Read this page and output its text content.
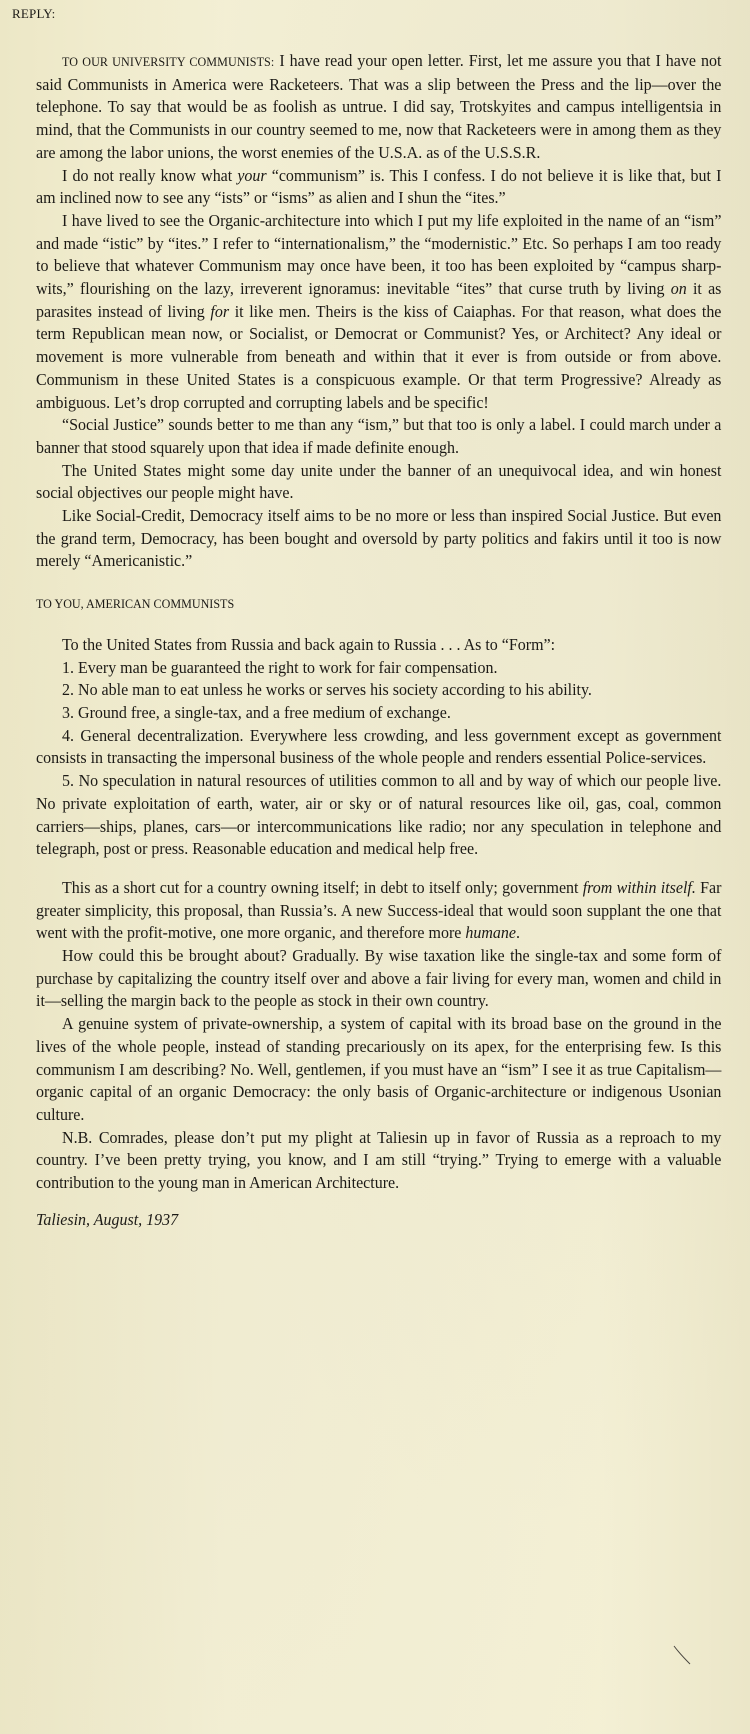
REPLY:

TO OUR UNIVERSITY COMMUNISTS: I have read your open letter. First, let me assure you that I have not said Communists in America were Racketeers. That was a slip between the Press and the lip—over the telephone. To say that would be as foolish as untrue. I did say, Trotskyites and campus intelligentsia in mind, that the Communists in our country seemed to me, now that Racketeers were in among them as they are among the labor unions, the worst enemies of the U.S.A. as of the U.S.S.R.

I do not really know what your “communism” is. This I confess. I do not believe it is like that, but I am inclined now to see any “ists” or “isms” as alien and I shun the “ites.”

I have lived to see the Organic-architecture into which I put my life exploited in the name of an “ism” and made “istic” by “ites.” I refer to “internationalism,” the “modernistic.” Etc. So perhaps I am too ready to believe that whatever Communism may once have been, it too has been exploited by “campus sharp-wits,” flourishing on the lazy, irreverent ignoramus: inevitable “ites” that curse truth by living on it as parasites instead of living for it like men. Theirs is the kiss of Caiaphas. For that reason, what does the term Republican mean now, or Socialist, or Democrat or Communist? Yes, or Architect? Any ideal or movement is more vulnerable from beneath and within that it ever is from outside or from above. Communism in these United States is a conspicuous example. Or that term Progressive? Already as ambiguous. Let’s drop corrupted and corrupting labels and be specific!

“Social Justice” sounds better to me than any “ism,” but that too is only a label. I could march under a banner that stood squarely upon that idea if made definite enough.

The United States might some day unite under the banner of an unequivocal idea, and win honest social objectives our people might have.

Like Social-Credit, Democracy itself aims to be no more or less than inspired Social Justice. But even the grand term, Democracy, has been bought and oversold by party politics and fakirs until it too is now merely “Americanistic.”

TO YOU, AMERICAN COMMUNISTS

To the United States from Russia and back again to Russia . . . As to “Form”:

1. Every man be guaranteed the right to work for fair compensation.

2. No able man to eat unless he works or serves his society according to his ability.

3. Ground free, a single-tax, and a free medium of exchange.

4. General decentralization. Everywhere less crowding, and less government except as government consists in transacting the impersonal business of the whole people and renders essential Police-services.

5. No speculation in natural resources of utilities common to all and by way of which our people live. No private exploitation of earth, water, air or sky or of natural resources like oil, gas, coal, common carriers—ships, planes, cars—or intercommunications like radio; nor any speculation in telephone and telegraph, post or press. Reasonable education and medical help free.

This as a short cut for a country owning itself; in debt to itself only; government from within itself. Far greater simplicity, this proposal, than Russia’s. A new Success-ideal that would soon supplant the one that went with the profit-motive, one more organic, and therefore more humane.

How could this be brought about? Gradually. By wise taxation like the single-tax and some form of purchase by capitalizing the country itself over and above a fair living for every man, women and child in it—selling the margin back to the people as stock in their own country.

A genuine system of private-ownership, a system of capital with its broad base on the ground in the lives of the whole people, instead of standing precariously on its apex, for the enterprising few. Is this communism I am describing? No. Well, gentlemen, if you must have an “ism” I see it as true Capitalism—organic capital of an organic Democracy: the only basis of Organic-architecture or indigenous Usonian culture.

N.B. Comrades, please don’t put my plight at Taliesin up in favor of Russia as a reproach to my country. I’ve been pretty trying, you know, and I am still “trying.” Trying to emerge with a valuable contribution to the young man in American Architecture.

Taliesin, August, 1937
